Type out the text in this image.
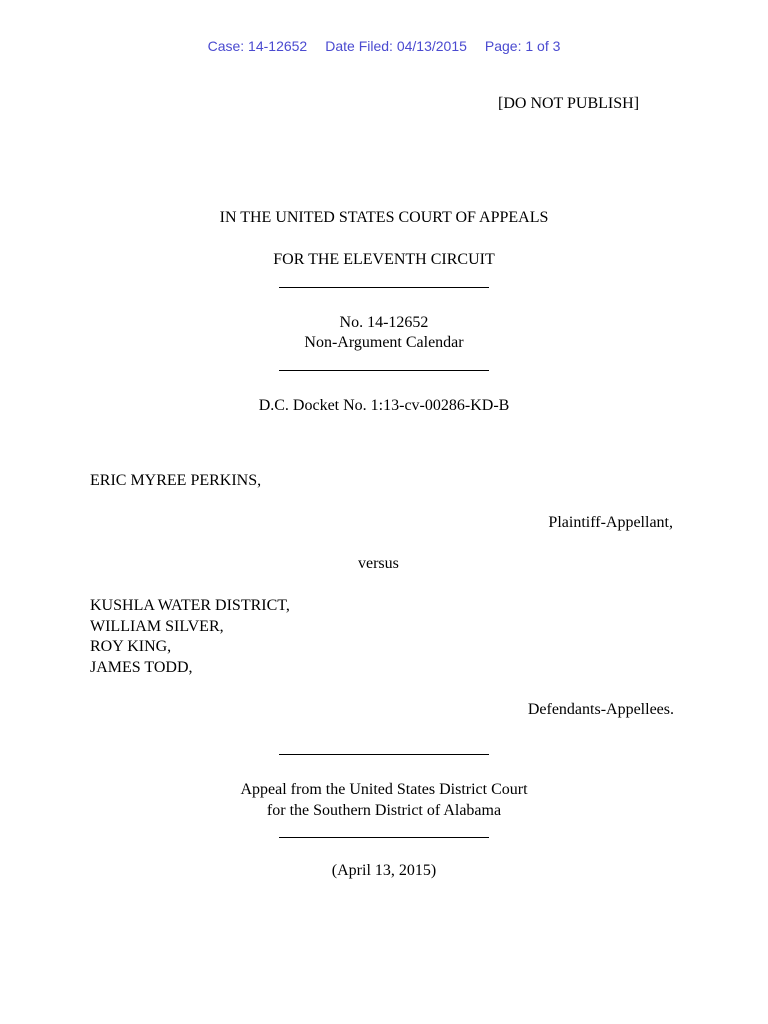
Case: 14-12652 Date Filed: 04/13/2015 Page: 1 of 3
[DO NOT PUBLISH]
IN THE UNITED STATES COURT OF APPEALS
FOR THE ELEVENTH CIRCUIT
No. 14-12652
Non-Argument Calendar
D.C. Docket No. 1:13-cv-00286-KD-B
ERIC MYREE PERKINS,
Plaintiff-Appellant,
versus
KUSHLA WATER DISTRICT,
WILLIAM SILVER,
ROY KING,
JAMES TODD,
Defendants-Appellees.
Appeal from the United States District Court
for the Southern District of Alabama
(April 13, 2015)
